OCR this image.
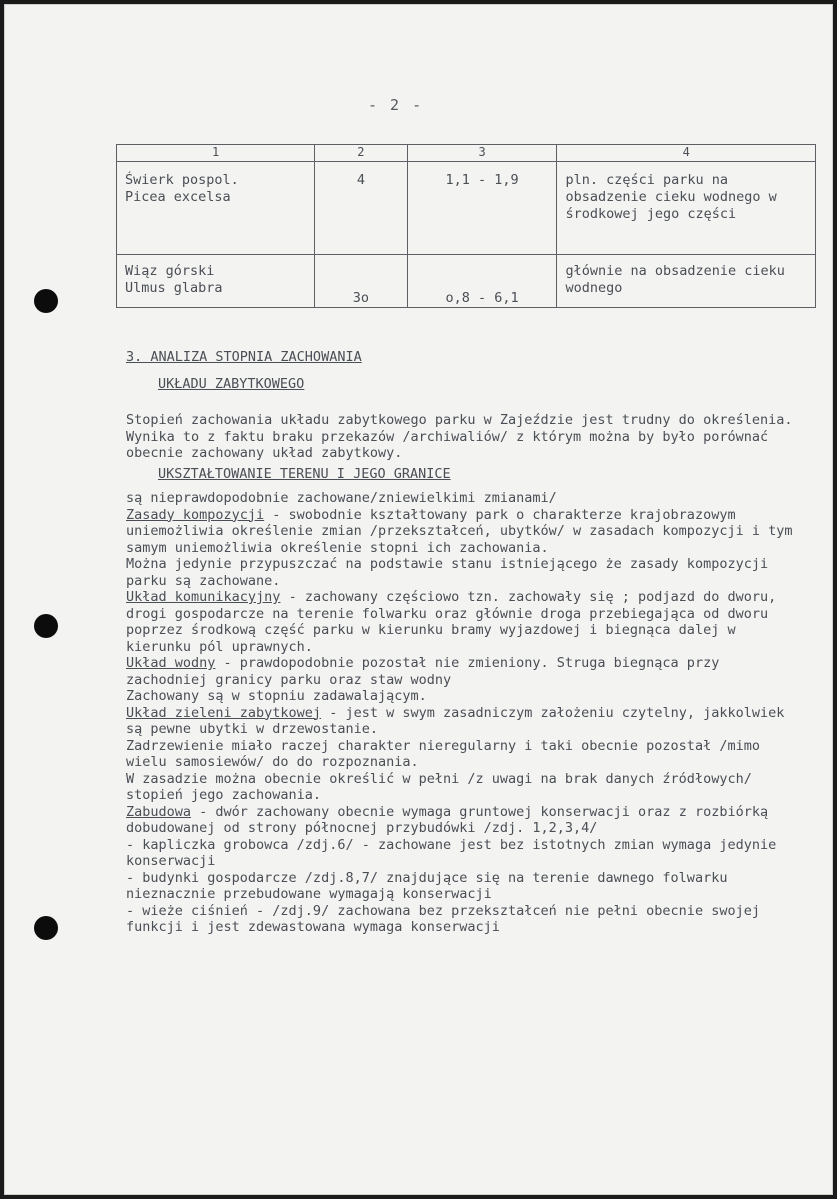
- 2 -
1	2	3	4
Świerk pospol.
Picea excelsa	4	1,1 - 1,9	pln. części parku na obsadzenie cieku wodnego w środkowej jego części
Wiąz górski
Ulmus glabra	3o	o,8 - 6,1	głównie na obsadzenie cieku wodnego

3. ANALIZA STOPNIA ZACHOWANIA

UKŁADU ZABYTKOWEGO

Stopień zachowania układu zabytkowego parku w Zajeździe jest trudny do określenia. Wynika to z faktu braku przekazów /archiwaliów/ z którym można by było porównać obecnie zachowany układ zabytkowy.

UKSZTAŁTOWANIE TERENU I JEGO GRANICE

są nieprawdopodobnie zachowane/zniewielkimi zmianami/

Zasady kompozycji - swobodnie kształtowany park o charakterze krajobrazowym uniemożliwia określenie zmian /przekształceń, ubytków/ w zasadach kompozycji i tym samym uniemożliwia określenie stopni ich zachowania.
Można jedynie przypuszczać na podstawie stanu istniejącego że zasady kompozycji parku są zachowane.

Układ komunikacyjny - zachowany częściowo tzn. zachowały się ; podjazd do dworu, drogi gospodarcze na terenie folwarku oraz głównie droga przebiegająca od dworu poprzez środkową część parku w kierunku bramy wyjazdowej i biegnąca dalej w kierunku pól uprawnych.

Układ wodny - prawdopodobnie pozostał nie zmieniony. Struga biegnąca przy zachodniej granicy parku oraz staw wodny
Zachowany są w stopniu zadawalającym.

Układ zieleni zabytkowej - jest w swym zasadniczym założeniu czytelny, jakkolwiek są pewne ubytki w drzewostanie.
Zadrzewienie miało raczej charakter nieregularny i taki obecnie pozostał /mimo wielu samosiewów/ do do rozpoznania.
W zasadzie można obecnie określić w pełni /z uwagi na brak danych źródłowych/ stopień jego zachowania.

Zabudowa - dwór zachowany obecnie wymaga gruntowej konserwacji oraz z rozbiórką dobudowanej od strony północnej przybudówki /zdj. 1,2,3,4/

- kapliczka grobowca /zdj.6/ - zachowane jest bez istotnych zmian wymaga jedynie konserwacji

- budynki gospodarcze /zdj.8,7/ znajdujące się na terenie dawnego folwarku nieznacznie przebudowane wymagają konserwacji

- wieże ciśnień - /zdj.9/ zachowana bez przekształceń nie pełni obecnie swojej funkcji i jest zdewastowana wymaga konserwacji
